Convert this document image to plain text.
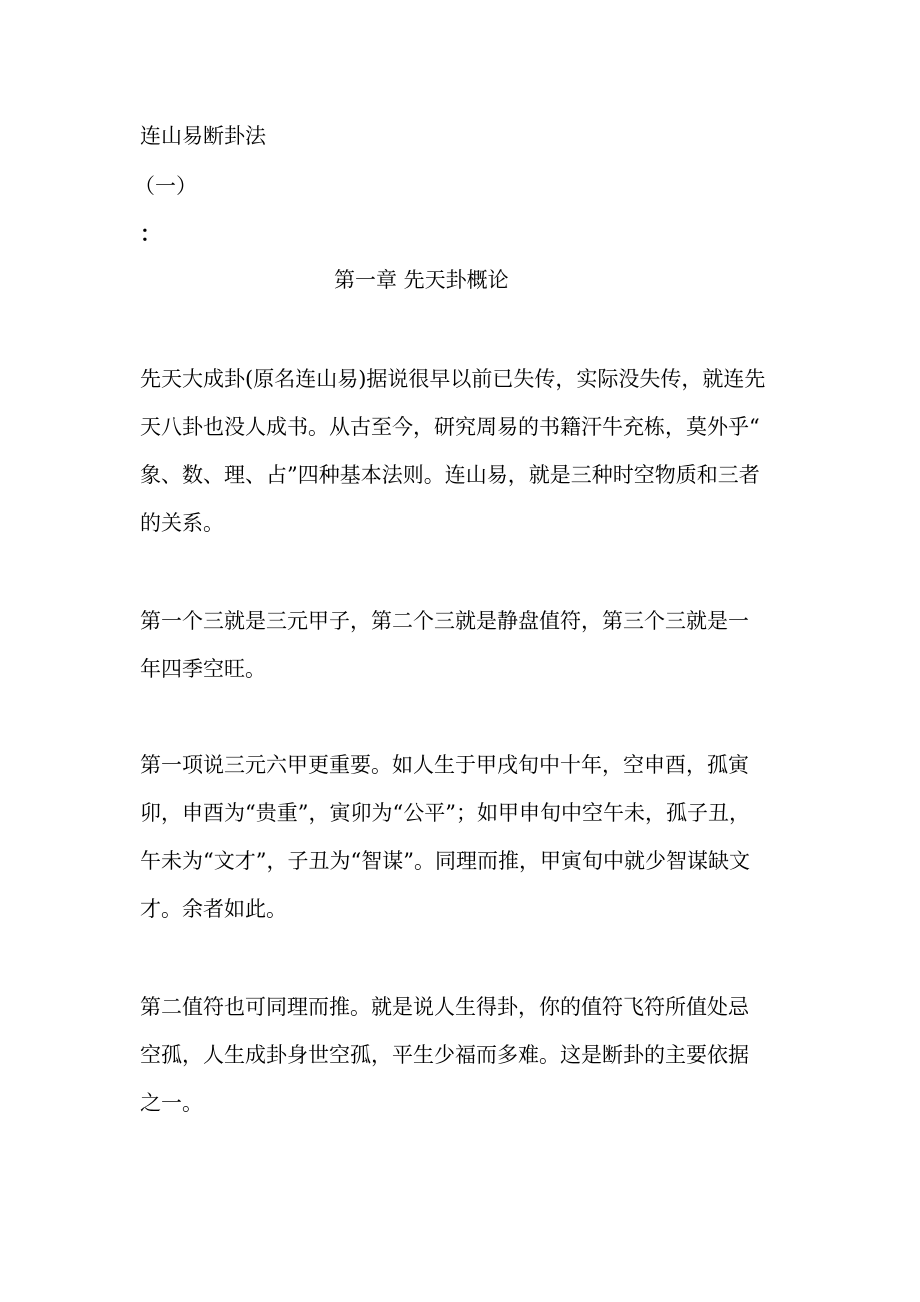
连山易断卦法

（一）

：

第一章 先天卦概论

先天大成卦(原名连山易)据说很早以前已失传，实际没失传，就连先
天八卦也没人成书。从古至今，研究周易的书籍汗牛充栋，莫外乎“
象、数、理、占”四种基本法则。连山易，就是三种时空物质和三者
的关系。
第一个三就是三元甲子，第二个三就是静盘值符，第三个三就是一
年四季空旺。
第一项说三元六甲更重要。如人生于甲戌旬中十年，空申酉，孤寅
卯，申酉为“贵重”，寅卯为“公平”；如甲申旬中空午未，孤子丑，
午未为“文才”，子丑为“智谋”。同理而推，甲寅旬中就少智谋缺文
才。余者如此。
第二值符也可同理而推。就是说人生得卦，你的值符飞符所值处忌
空孤，人生成卦身世空孤，平生少福而多难。这是断卦的主要依据
之一。
